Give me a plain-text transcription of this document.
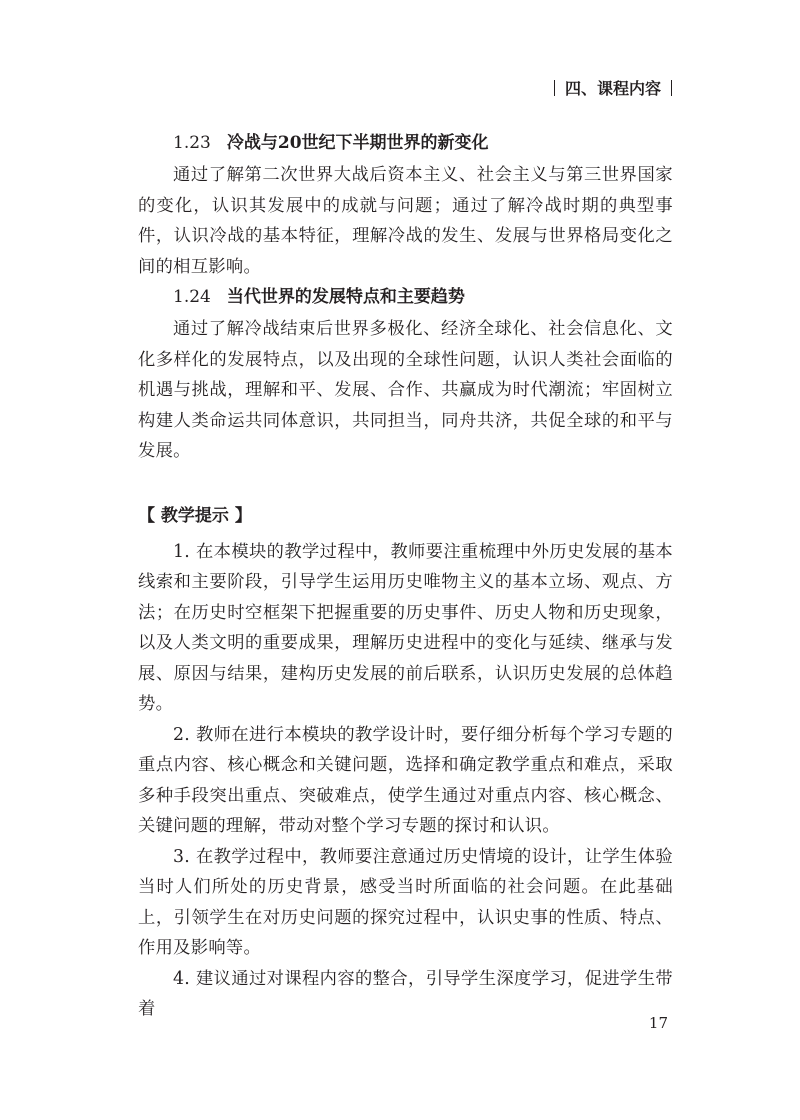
四、课程内容
1.23 冷战与20世纪下半期世界的新变化

通过了解第二次世界大战后资本主义、社会主义与第三世界国家的变化，认识其发展中的成就与问题；通过了解冷战时期的典型事件，认识冷战的基本特征，理解冷战的发生、发展与世界格局变化之间的相互影响。

1.24 当代世界的发展特点和主要趋势

通过了解冷战结束后世界多极化、经济全球化、社会信息化、文化多样化的发展特点，以及出现的全球性问题，认识人类社会面临的机遇与挑战，理解和平、发展、合作、共赢成为时代潮流；牢固树立构建人类命运共同体意识，共同担当，同舟共济，共促全球的和平与发展。

【 教学提示 】

1. 在本模块的教学过程中，教师要注重梳理中外历史发展的基本线索和主要阶段，引导学生运用历史唯物主义的基本立场、观点、方法；在历史时空框架下把握重要的历史事件、历史人物和历史现象，以及人类文明的重要成果，理解历史进程中的变化与延续、继承与发展、原因与结果，建构历史发展的前后联系，认识历史发展的总体趋势。

2. 教师在进行本模块的教学设计时，要仔细分析每个学习专题的重点内容、核心概念和关键问题，选择和确定教学重点和难点，采取多种手段突出重点、突破难点，使学生通过对重点内容、核心概念、关键问题的理解，带动对整个学习专题的探讨和认识。

3. 在教学过程中，教师要注意通过历史情境的设计，让学生体验当时人们所处的历史背景，感受当时所面临的社会问题。在此基础上，引领学生在对历史问题的探究过程中，认识史事的性质、特点、作用及影响等。

4. 建议通过对课程内容的整合，引导学生深度学习，促进学生带着

17
